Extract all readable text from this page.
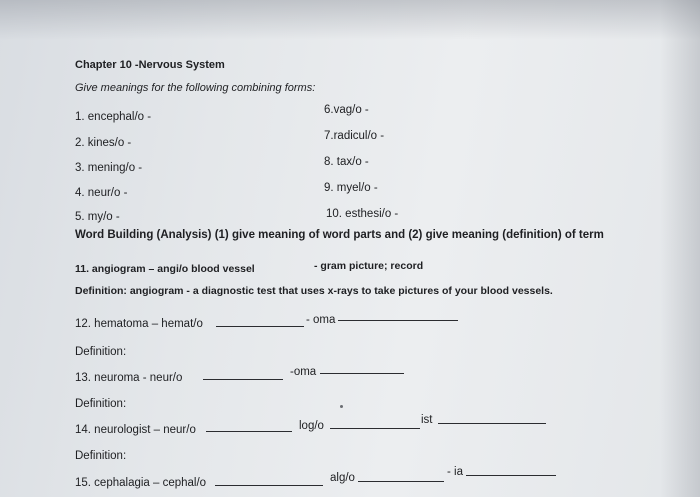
Chapter 10 -Nervous System
Give meanings for the following combining forms:
1. encephal/o -
2. kines/o -
3. mening/o -
4. neur/o -
5. my/o -
6.vag/o -
7.radicul/o -
8. tax/o -
9. myel/o -
10. esthesi/o -
Word Building (Analysis) (1) give meaning of word parts and (2) give meaning (definition) of term
11. angiogram – angi/o blood vessel	- gram picture; record
Definition: angiogram - a diagnostic test that uses x-rays to take pictures of your blood vessels.
12. hematoma – hemat/o	- oma
Definition:
13. neuroma - neur/o	-oma
Definition:
14. neurologist – neur/o	log/o	ist
Definition:
15. cephalagia – cephal/o	alg/o	- ia
